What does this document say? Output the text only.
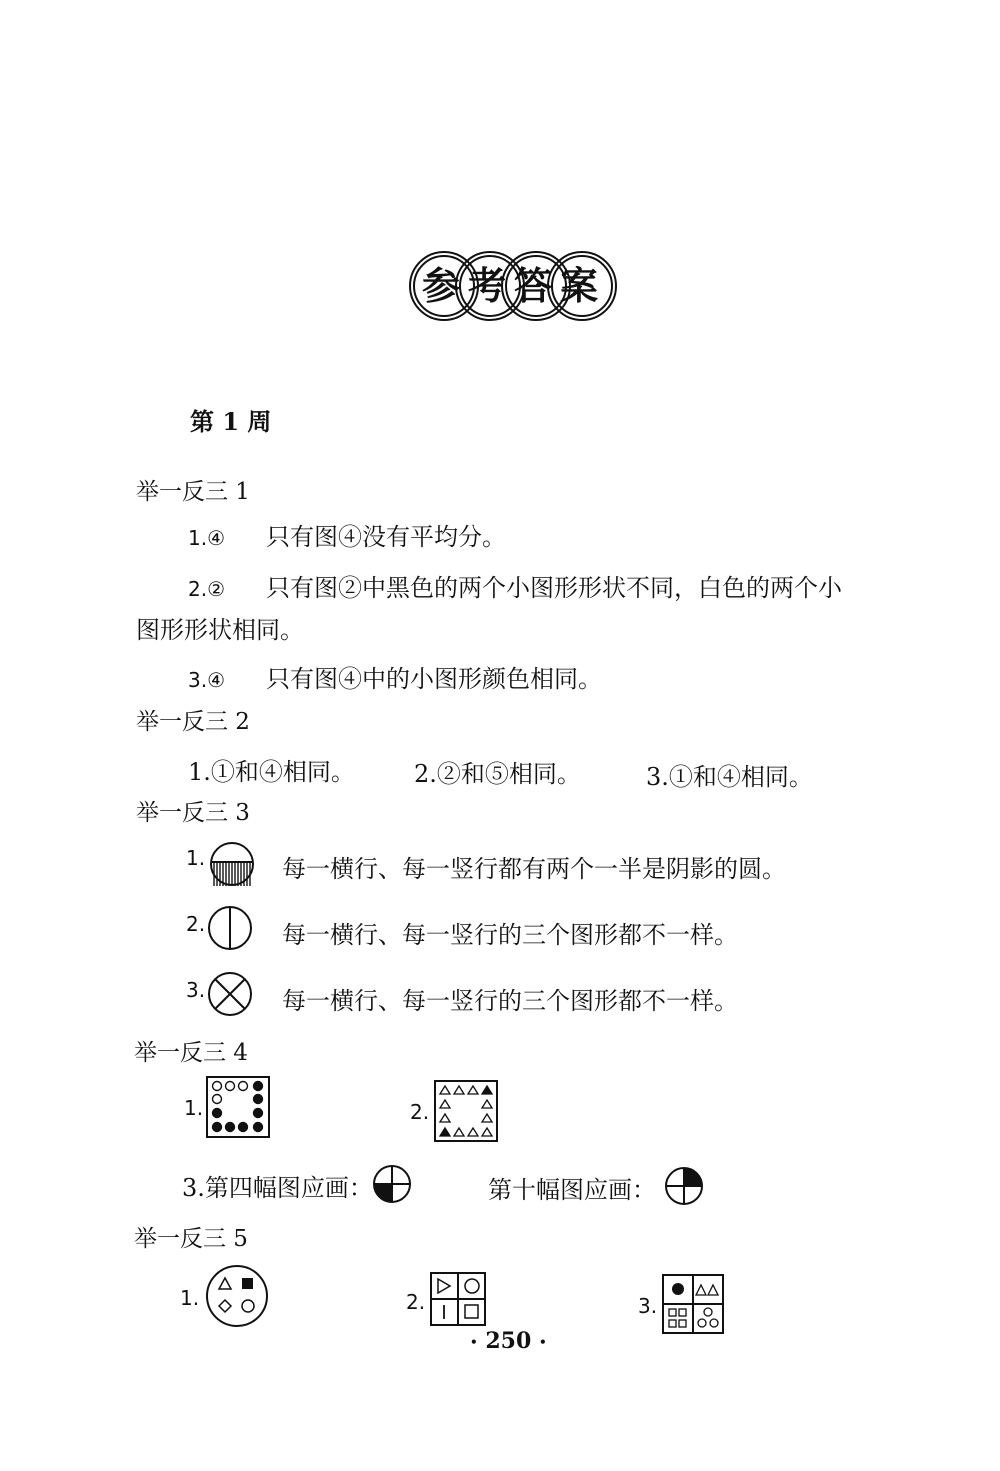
参 考 答 案
第 1 周
举一反三 1
1.④ 只有图④没有平均分。
2.② 只有图②中黑色的两个小图形形状不同，白色的两个小
图形形状相同。
3.④ 只有图④中的小图形颜色相同。
举一反三 2
1.①和④相同。 2.②和⑤相同。	3.①和④相同。
举一反三 3
1.	每一横行、每一竖行都有两个一半是阴影的圆。
2.	每一横行、每一竖行的三个图形都不一样。
3.	每一横行、每一竖行的三个图形都不一样。
举一反三 4
1.	2.
3.第四幅图应画：	第十幅图应画：
举一反三 5
1.	2.	3.
• 250 •
